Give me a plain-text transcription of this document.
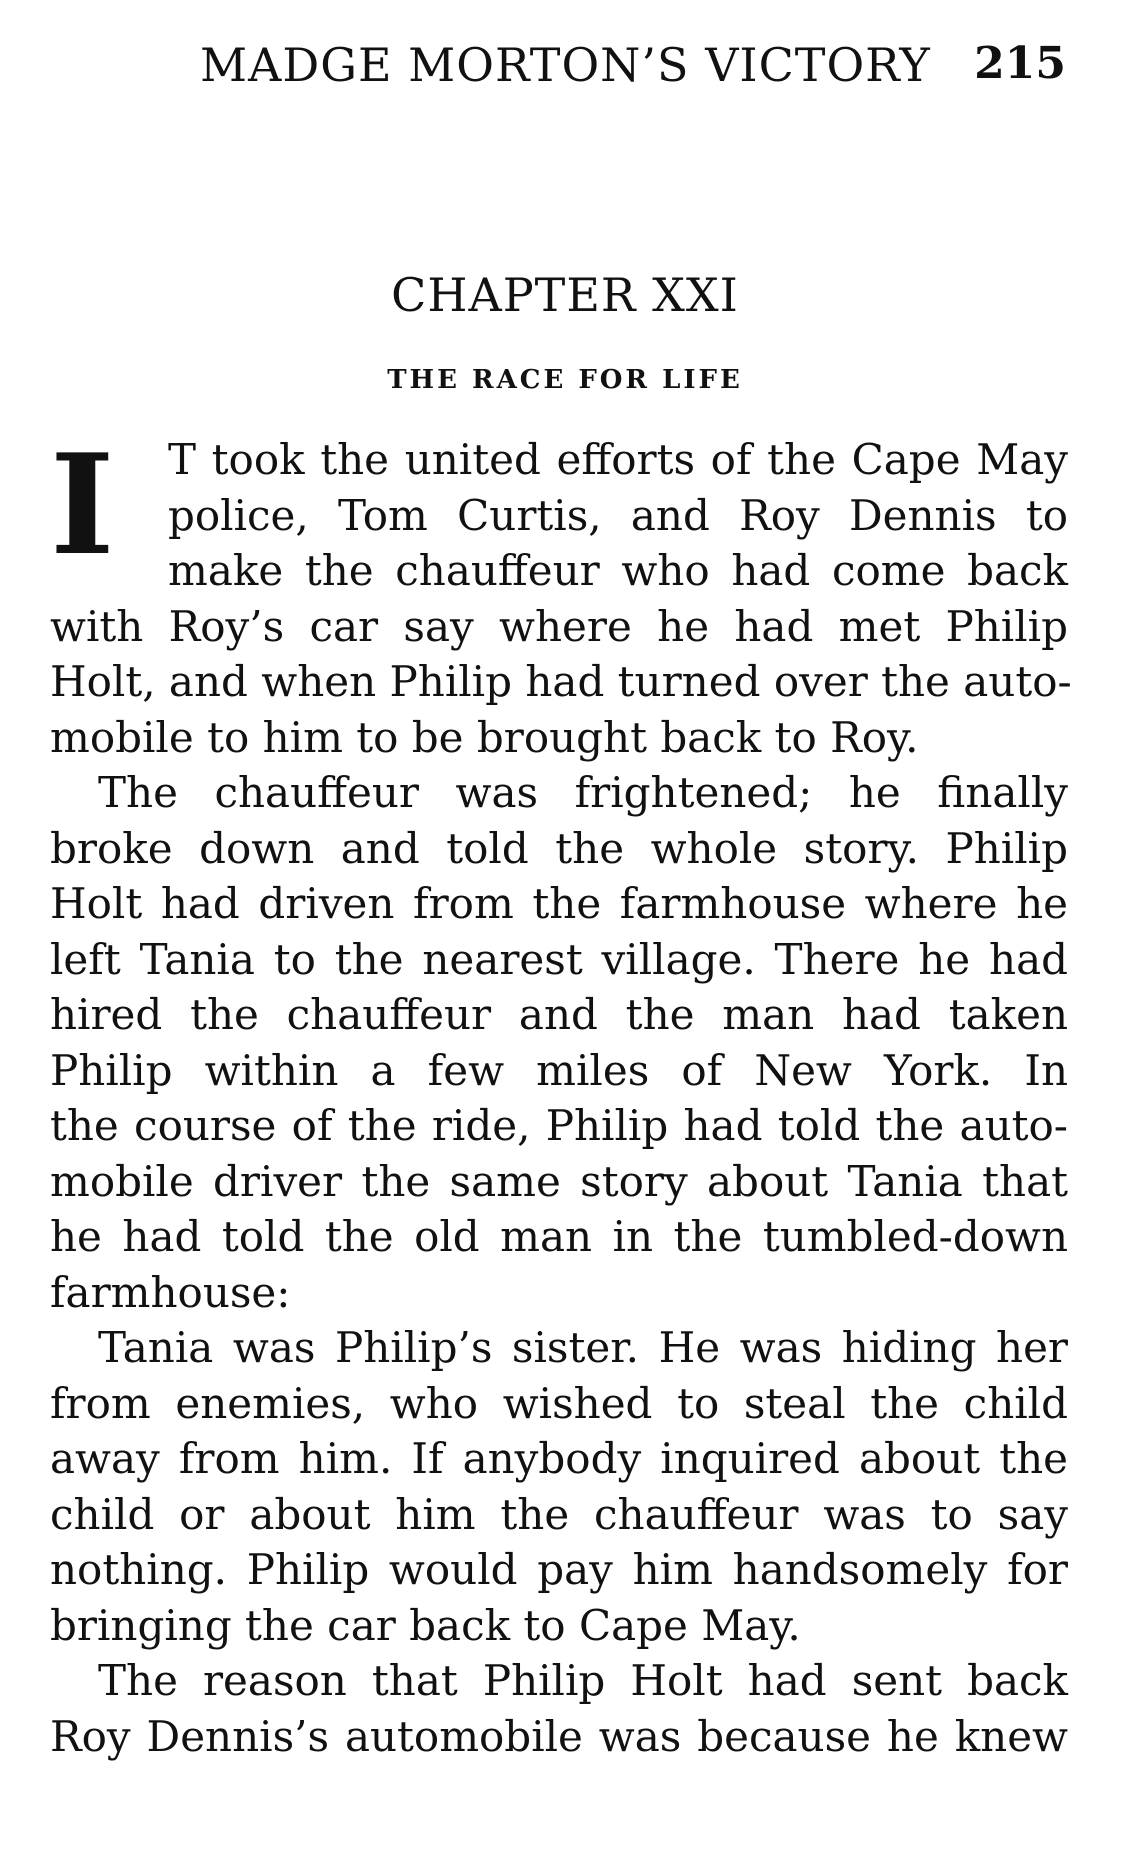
MADGE MORTON’S VICTORY 215
CHAPTER XXI
THE RACE FOR LIFE
I	T took the united efforts of the Cape May
police, Tom Curtis, and Roy Dennis to
make the chauffeur who had come back
with Roy’s car say where he had met Philip
Holt, and when Philip had turned over the auto-
mobile to him to be brought back to Roy.
The chauffeur was frightened; he finally
broke down and told the whole story. Philip
Holt had driven from the farmhouse where he
left Tania to the nearest village. There he had
hired the chauffeur and the man had taken
Philip within a few miles of New York. In
the course of the ride, Philip had told the auto-
mobile driver the same story about Tania that
he had told the old man in the tumbled-down
farmhouse:
Tania was Philip’s sister. He was hiding her
from enemies, who wished to steal the child
away from him. If anybody inquired about the
child or about him the chauffeur was to say
nothing. Philip would pay him handsomely for
bringing the car back to Cape May.
The reason that Philip Holt had sent back
Roy Dennis’s automobile was because he knew
